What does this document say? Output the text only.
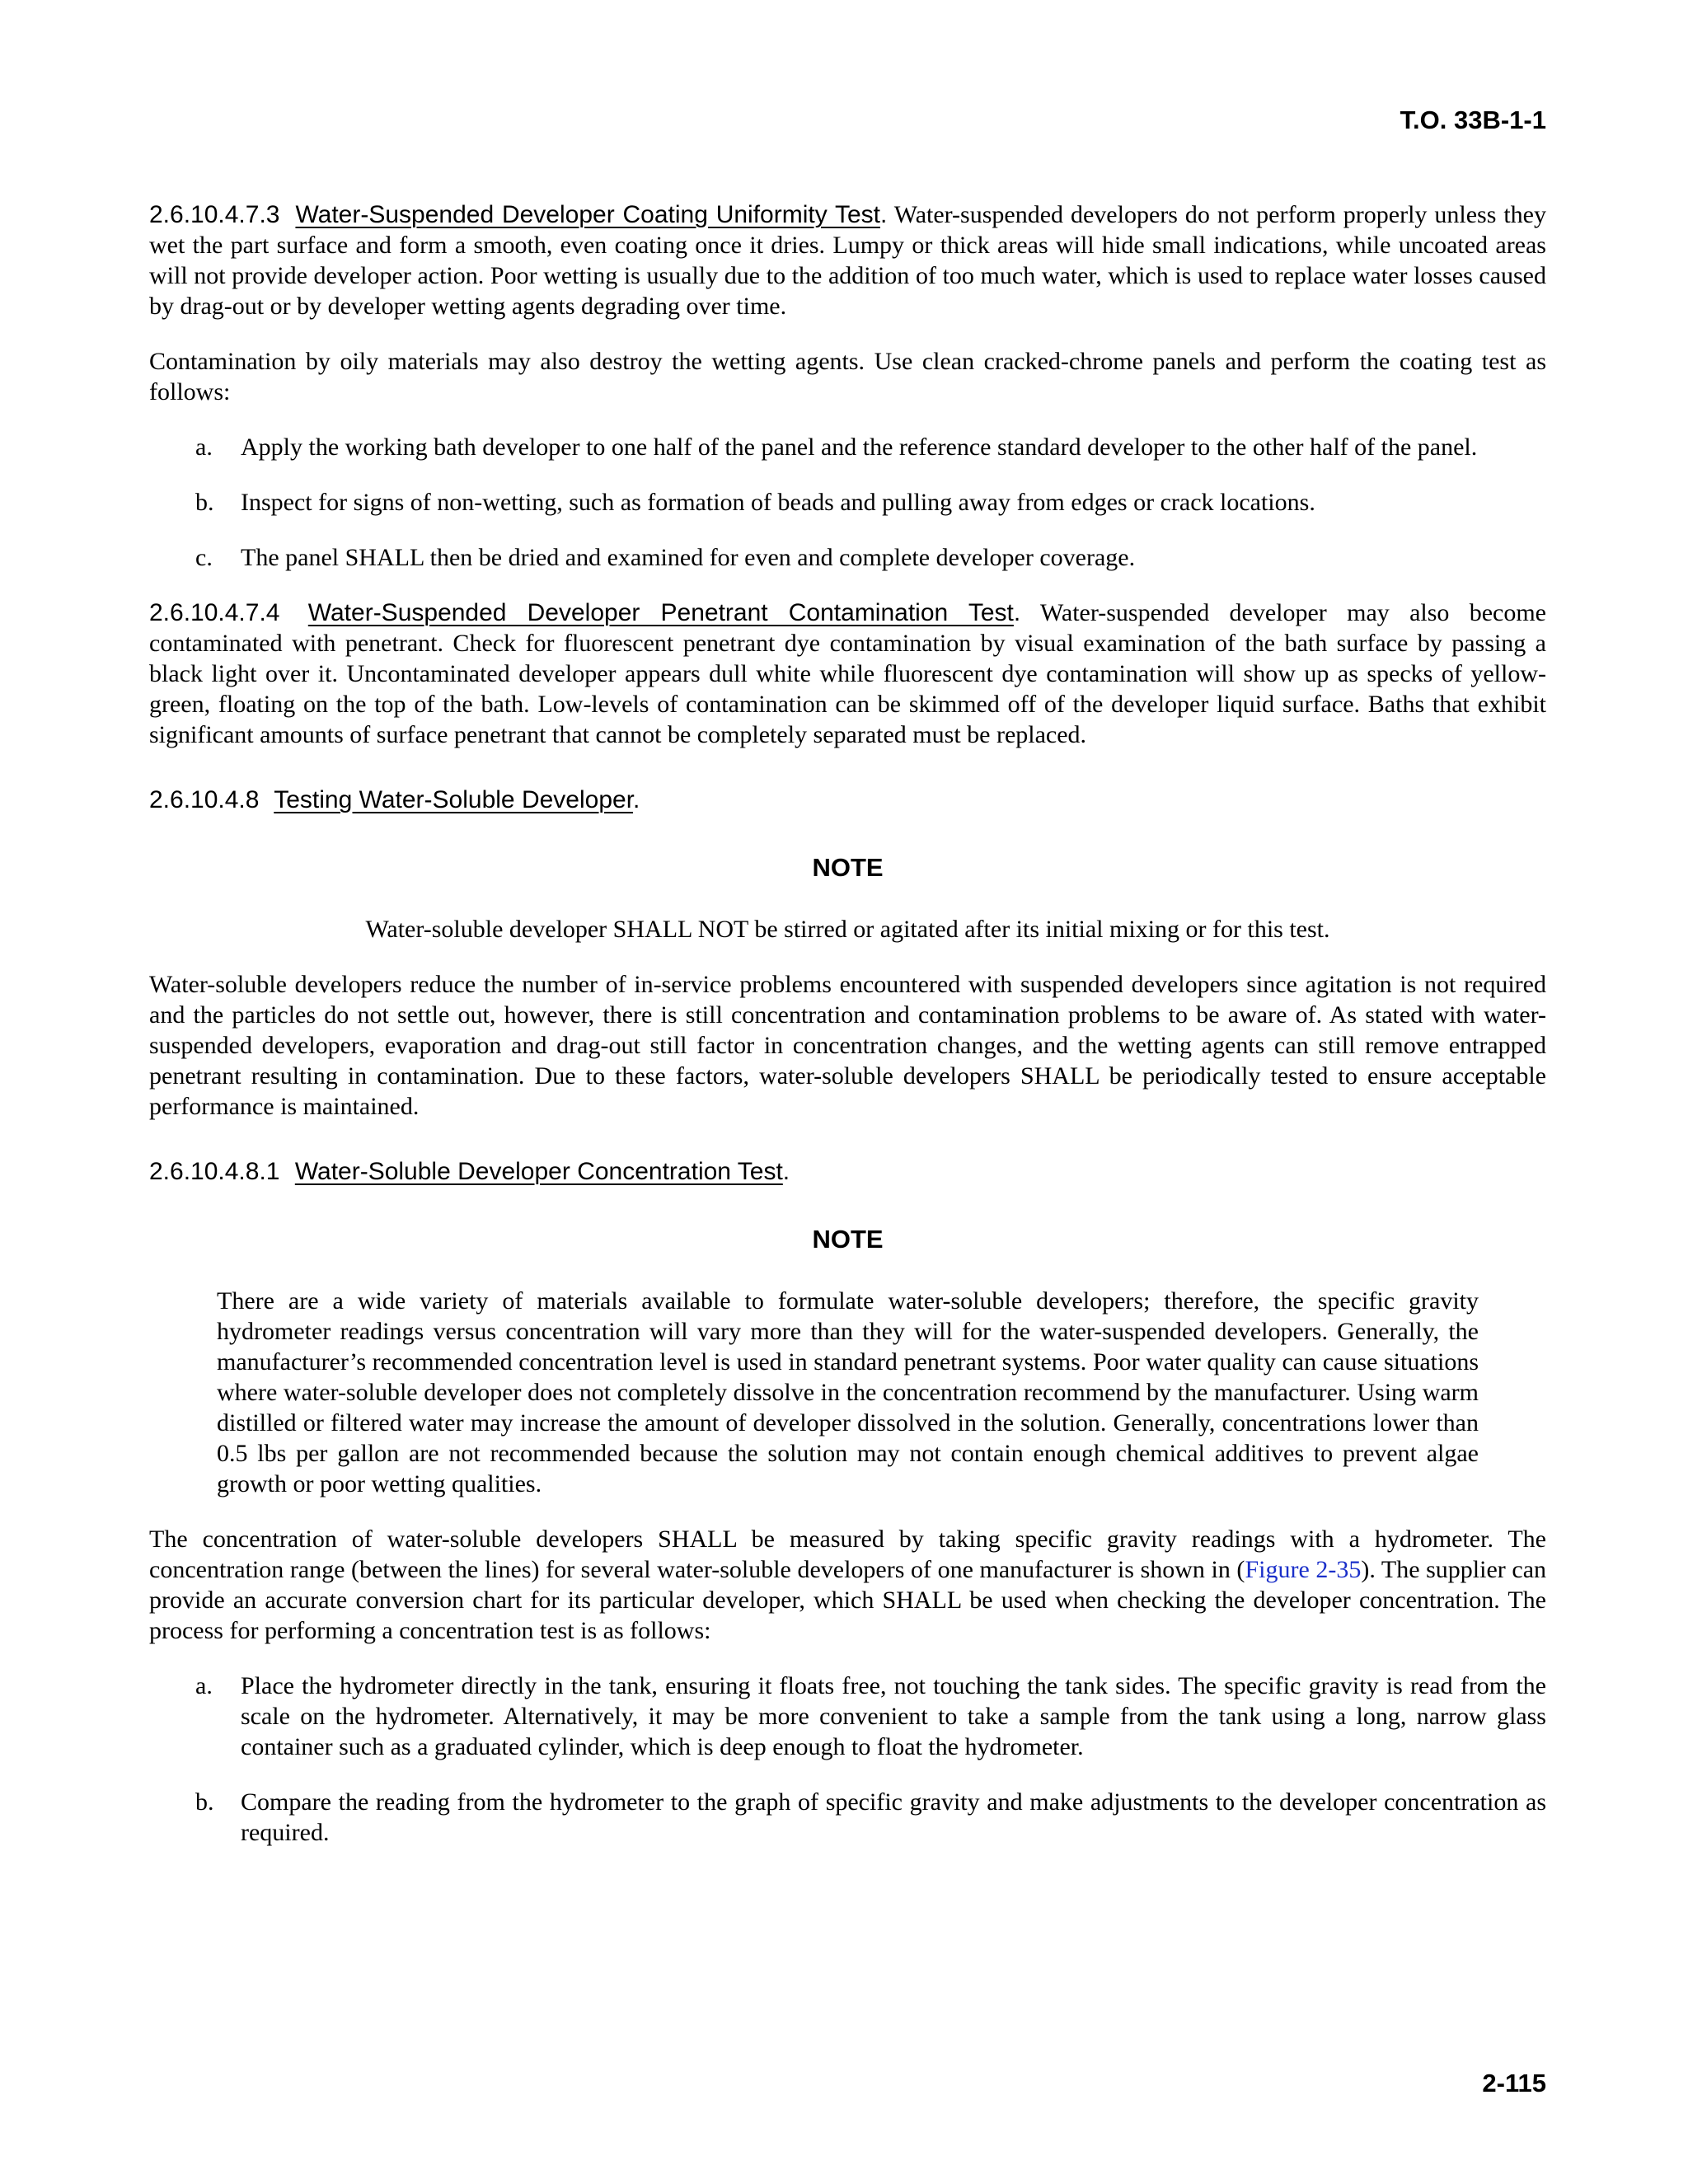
T.O. 33B-1-1

2.6.10.4.7.3 Water-Suspended Developer Coating Uniformity Test. Water-suspended developers do not perform properly unless they wet the part surface and form a smooth, even coating once it dries. Lumpy or thick areas will hide small indications, while uncoated areas will not provide developer action. Poor wetting is usually due to the addition of too much water, which is used to replace water losses caused by drag-out or by developer wetting agents degrading over time.

Contamination by oily materials may also destroy the wetting agents. Use clean cracked-chrome panels and perform the coating test as follows:

a. Apply the working bath developer to one half of the panel and the reference standard developer to the other half of the panel.
b. Inspect for signs of non-wetting, such as formation of beads and pulling away from edges or crack locations.
c. The panel SHALL then be dried and examined for even and complete developer coverage.

2.6.10.4.7.4 Water-Suspended Developer Penetrant Contamination Test. Water-suspended developer may also become contaminated with penetrant. Check for fluorescent penetrant dye contamination by visual examination of the bath surface by passing a black light over it. Uncontaminated developer appears dull white while fluorescent dye contamination will show up as specks of yellow-green, floating on the top of the bath. Low-levels of contamination can be skimmed off of the developer liquid surface. Baths that exhibit significant amounts of surface penetrant that cannot be completely separated must be replaced.

2.6.10.4.8 Testing Water-Soluble Developer.
NOTE

Water-soluble developer SHALL NOT be stirred or agitated after its initial mixing or for this test.

Water-soluble developers reduce the number of in-service problems encountered with suspended developers since agitation is not required and the particles do not settle out, however, there is still concentration and contamination problems to be aware of. As stated with water-suspended developers, evaporation and drag-out still factor in concentration changes, and the wetting agents can still remove entrapped penetrant resulting in contamination. Due to these factors, water-soluble developers SHALL be periodically tested to ensure acceptable performance is maintained.

2.6.10.4.8.1 Water-Soluble Developer Concentration Test.
NOTE

There are a wide variety of materials available to formulate water-soluble developers; therefore, the specific gravity hydrometer readings versus concentration will vary more than they will for the water-suspended developers. Generally, the manufacturer’s recommended concentration level is used in standard penetrant systems. Poor water quality can cause situations where water-soluble developer does not completely dissolve in the concentration recommend by the manufacturer. Using warm distilled or filtered water may increase the amount of developer dissolved in the solution. Generally, concentrations lower than 0.5 lbs per gallon are not recommended because the solution may not contain enough chemical additives to prevent algae growth or poor wetting qualities.

The concentration of water-soluble developers SHALL be measured by taking specific gravity readings with a hydrometer. The concentration range (between the lines) for several water-soluble developers of one manufacturer is shown in (Figure 2-35). The supplier can provide an accurate conversion chart for its particular developer, which SHALL be used when checking the developer concentration. The process for performing a concentration test is as follows:

a. Place the hydrometer directly in the tank, ensuring it floats free, not touching the tank sides. The specific gravity is read from the scale on the hydrometer. Alternatively, it may be more convenient to take a sample from the tank using a long, narrow glass container such as a graduated cylinder, which is deep enough to float the hydrometer.
b. Compare the reading from the hydrometer to the graph of specific gravity and make adjustments to the developer concentration as required.
2-115
